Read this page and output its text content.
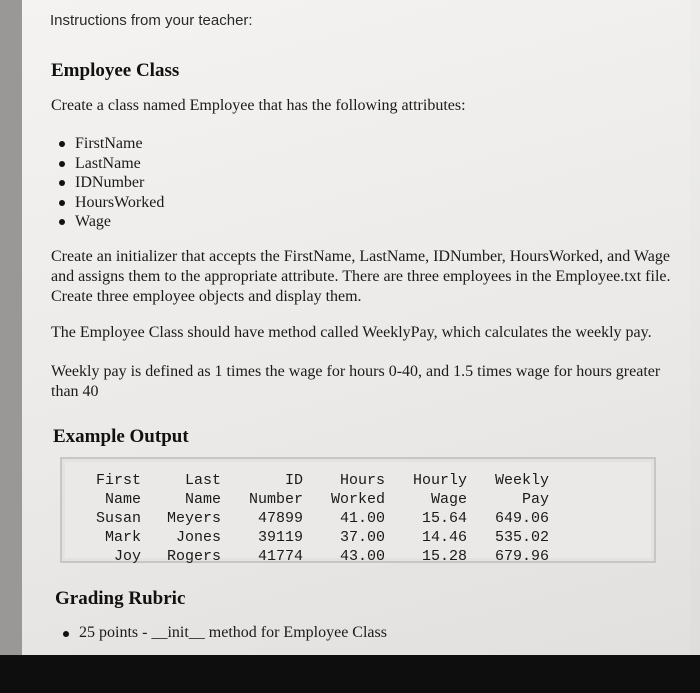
Instructions from your teacher:
Employee Class

Create a class named Employee that has the following attributes:

FirstName
LastName
IDNumber
HoursWorked
Wage

Create an initializer that accepts the FirstName, LastName, IDNumber, HoursWorked, and Wage and assigns them to the appropriate attribute. There are three employees in the Employee.txt file. Create three employee objects and display them.

The Employee Class should have method called WeeklyPay, which calculates the weekly pay.

Weekly pay is defined as 1 times the wage for hours 0-40, and 1.5 times wage for hours greater than 40

Example Output
First	Last	ID	Hours	Hourly	Weekly
Name	Name	Number	Worked	Wage	Pay
Susan	Meyers	47899	41.00	15.64	649.06
Mark	Jones	39119	37.00	14.46	535.02
Joy	Rogers	41774	43.00	15.28	679.96
Grading Rubric

25 points - __init__ method for Employee Class
